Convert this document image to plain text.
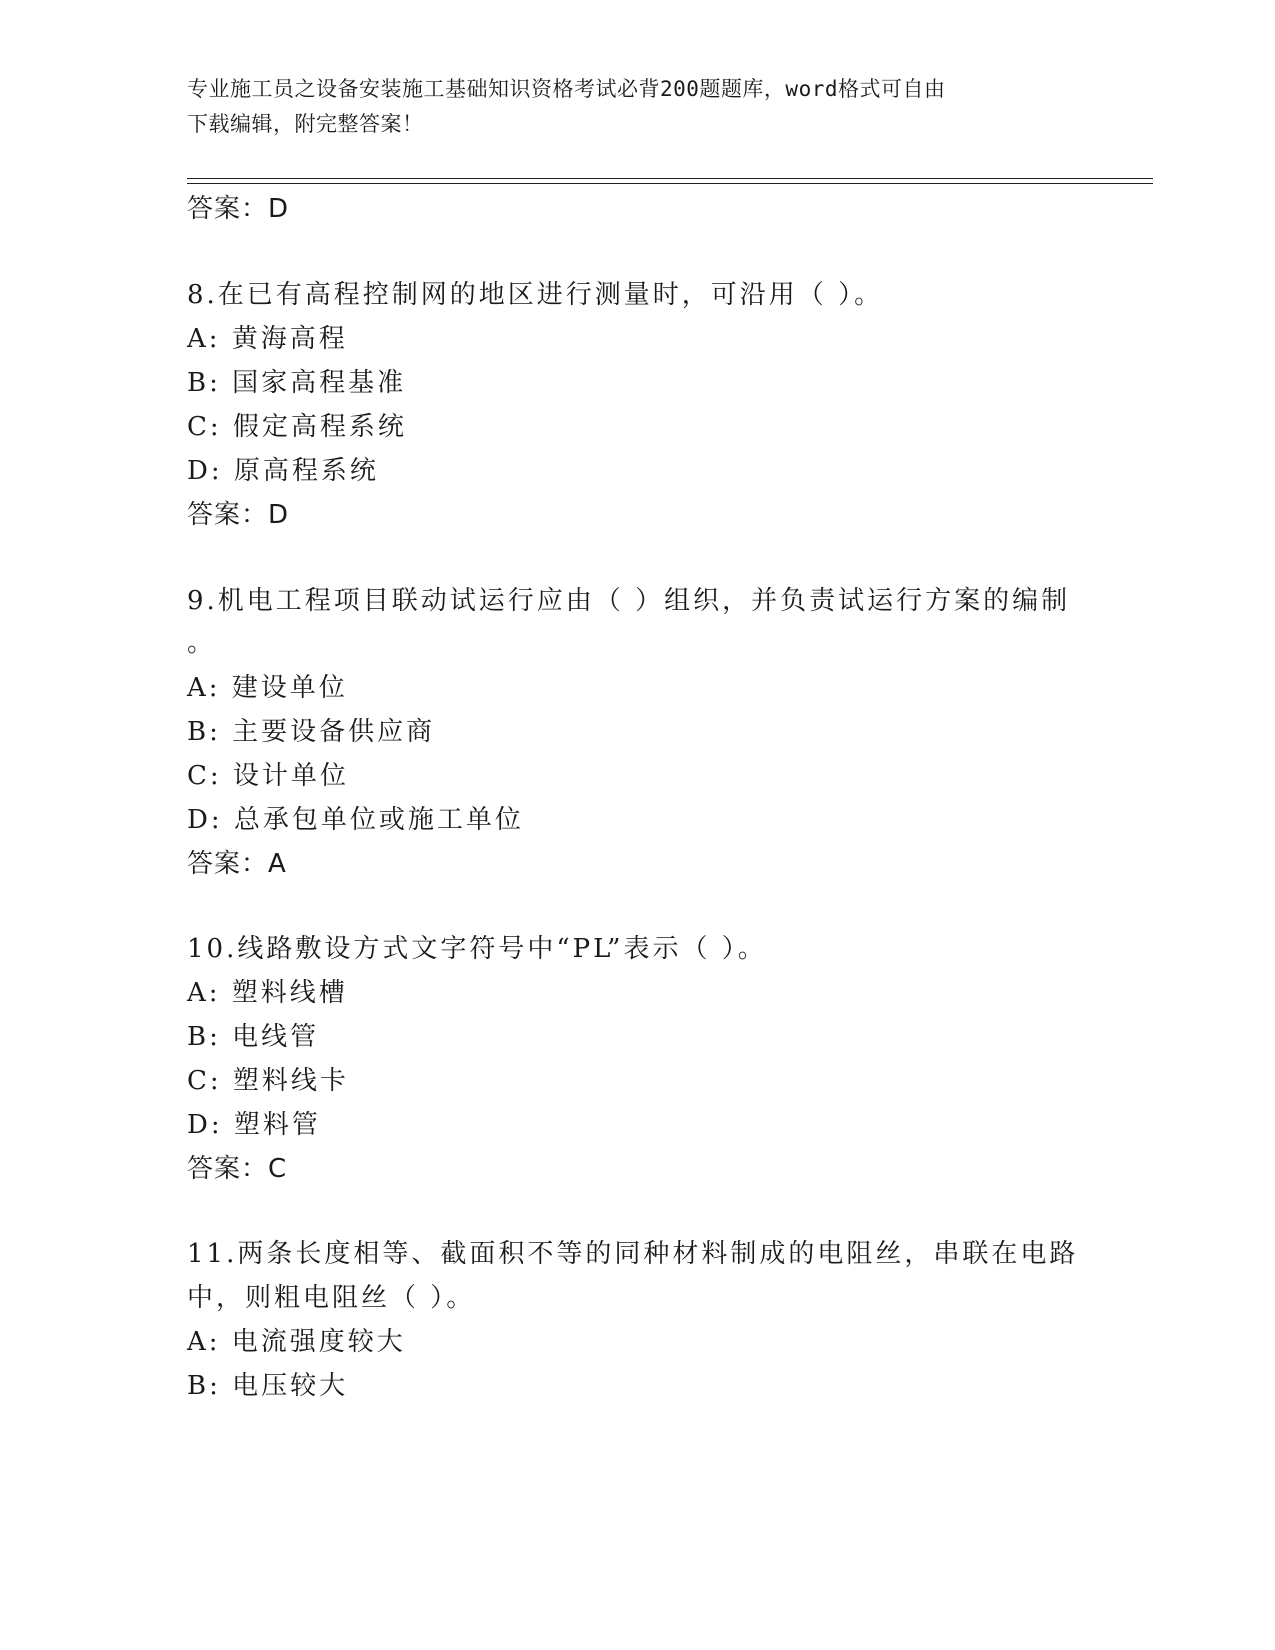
专业施工员之设备安装施工基础知识资格考试必背200题题库，word格式可自由
下载编辑，附完整答案！
答案：D
8.在已有高程控制网的地区进行测量时，可沿用（ ）。
A: 黄海高程
B: 国家高程基准
C: 假定高程系统
D: 原高程系统
答案：D
9.机电工程项目联动试运行应由（ ）组织，并负责试运行方案的编制
。
A: 建设单位
B: 主要设备供应商
C: 设计单位
D: 总承包单位或施工单位
答案：A
10.线路敷设方式文字符号中“PL”表示（ ）。
A: 塑料线槽
B: 电线管
C: 塑料线卡
D: 塑料管
答案：C
11.两条长度相等、截面积不等的同种材料制成的电阻丝，串联在电路
中，则粗电阻丝（ ）。
A: 电流强度较大
B: 电压较大
